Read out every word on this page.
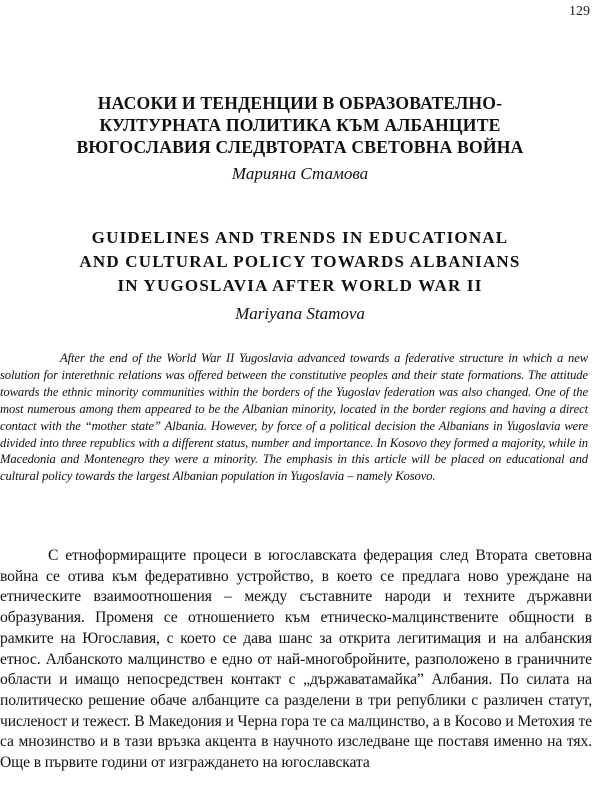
129
НАСОКИ И ТЕНДЕНЦИИ В ОБРАЗОВАТЕЛНО-
КУЛТУРНАТА ПОЛИТИКА КЪМ АЛБАНЦИТЕ
ВЮГОСЛАВИЯ СЛЕДВТОРАТА СВЕТОВНА ВОЙНА
Марияна Стамова
GUIDELINES AND TRENDS IN EDUCATIONAL
AND CULTURAL POLICY TOWARDS ALBANIANS
IN YUGOSLAVIA AFTER WORLD WAR II
Mariyana Stamova
After the end of the World War II Yugoslavia advanced towards a federative structure in which a new solution for interethnic relations was offered between the constitutive peoples and their state formations. The attitude towards the ethnic minority communities within the borders of the Yugoslav federation was also changed. One of the most numerous among them appeared to be the Albanian minority, located in the border regions and having a direct contact with the “mother state” Albania. However, by force of a political decision the Albanians in Yugoslavia were divided into three republics with a different status, number and importance. In Kosovo they formed a majority, while in Macedonia and Montenegro they were a minority. The emphasis in this article will be placed on educational and cultural policy towards the largest Albanian population in Yugoslavia – namely Kosovo.
С етноформиращите процеси в югославската федерация след Втората световна война се отива към федеративно устройство, в което се предлага ново уреждане на етническите взаимоотношения – между съставните народи и техните държавни образувания. Променя се отношението към етническо-малцинствените общности в рамките на Югославия, с което се дава шанс за открита легитимация и на албанския етнос. Албанското малцинство е едно от най-многобройните, разположено в граничните области и имащо непосредствен контакт с „държаватамайка” Албания. По силата на политическо решение обаче албанците са разделени в три републики с различен статут, численост и тежест. В Македония и Черна гора те са малцинство, а в Косово и Метохия те са мнозинство и в тази връзка акцента в научното изследване ще поставя именно на тях. Още в първите години от изграждането на югославската
